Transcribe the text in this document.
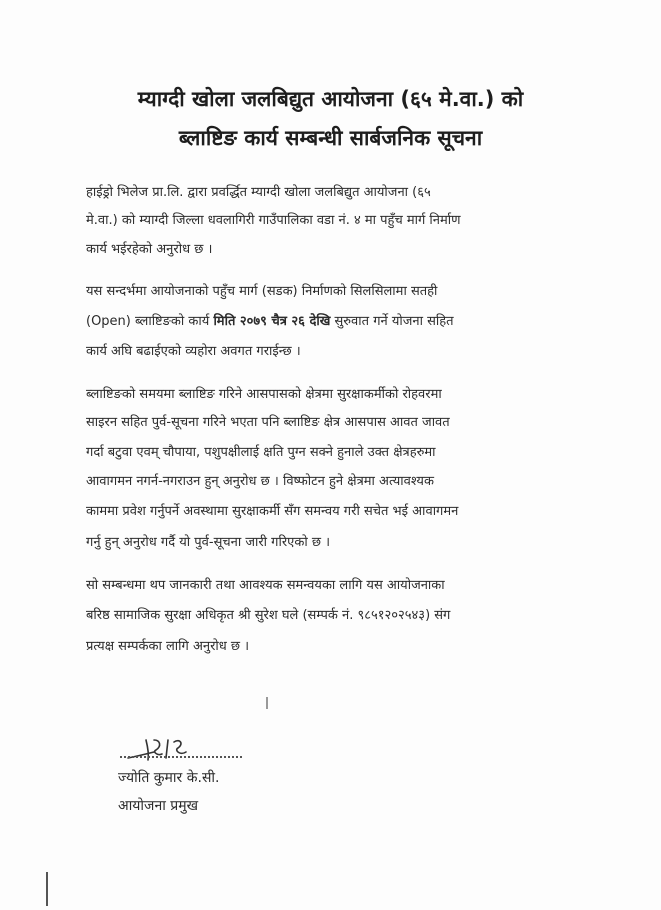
म्याग्दी खोला जलबिद्युत आयोजना (६५ मे.वा.) को
ब्लाष्टिङ कार्य सम्बन्धी सार्बजनिक सूचना
हाईड्रो भिलेज प्रा.लि. द्वारा प्रवर्द्धित म्याग्दी खोला जलबिद्युत आयोजना (६५
मे.वा.) को म्याग्दी जिल्ला धवलागिरी गाउँपालिका वडा नं. ४ मा पहुँच मार्ग निर्माण
कार्य भईरहेको अनुरोध छ ।
यस सन्दर्भमा आयोजनाको पहुँच मार्ग (सडक) निर्माणको सिलसिलामा सतही
(Open) ब्लाष्टिङको कार्य मिति २०७९ चैत्र २६ देखि सुरुवात गर्ने योजना सहित
कार्य अघि बढाईएको व्यहोरा अवगत गराईन्छ ।
ब्लाष्टिङको समयमा ब्लाष्टिङ गरिने आसपासको क्षेत्रमा सुरक्षाकर्मीको रोहवरमा
साइरन सहित पुर्व-सूचना गरिने भएता पनि ब्लाष्टिङ क्षेत्र आसपास आवत जावत
गर्दा बटुवा एवम् चौपाया, पशुपक्षीलाई क्षति पुग्न सक्ने हुनाले उक्त क्षेत्रहरुमा
आवागमन नगर्न-नगराउन हुन् अनुरोध छ । विष्फोटन हुने क्षेत्रमा अत्यावश्यक
काममा प्रवेश गर्नुपर्ने अवस्थामा सुरक्षाकर्मी सँग समन्वय गरी सचेत भई आवागमन
गर्नु हुन् अनुरोध गर्दै यो पुर्व-सूचना जारी गरिएको छ ।
सो सम्बन्धमा थप जानकारी तथा आवश्यक समन्वयका लागि यस आयोजनाका
बरिष्ठ सामाजिक सुरक्षा अधिकृत श्री सुरेश घले (सम्पर्क नं. ९८५१२०२५४३) संग
प्रत्यक्ष सम्पर्कका लागि अनुरोध छ ।
ज्योति कुमार के.सी.
आयोजना प्रमुख
